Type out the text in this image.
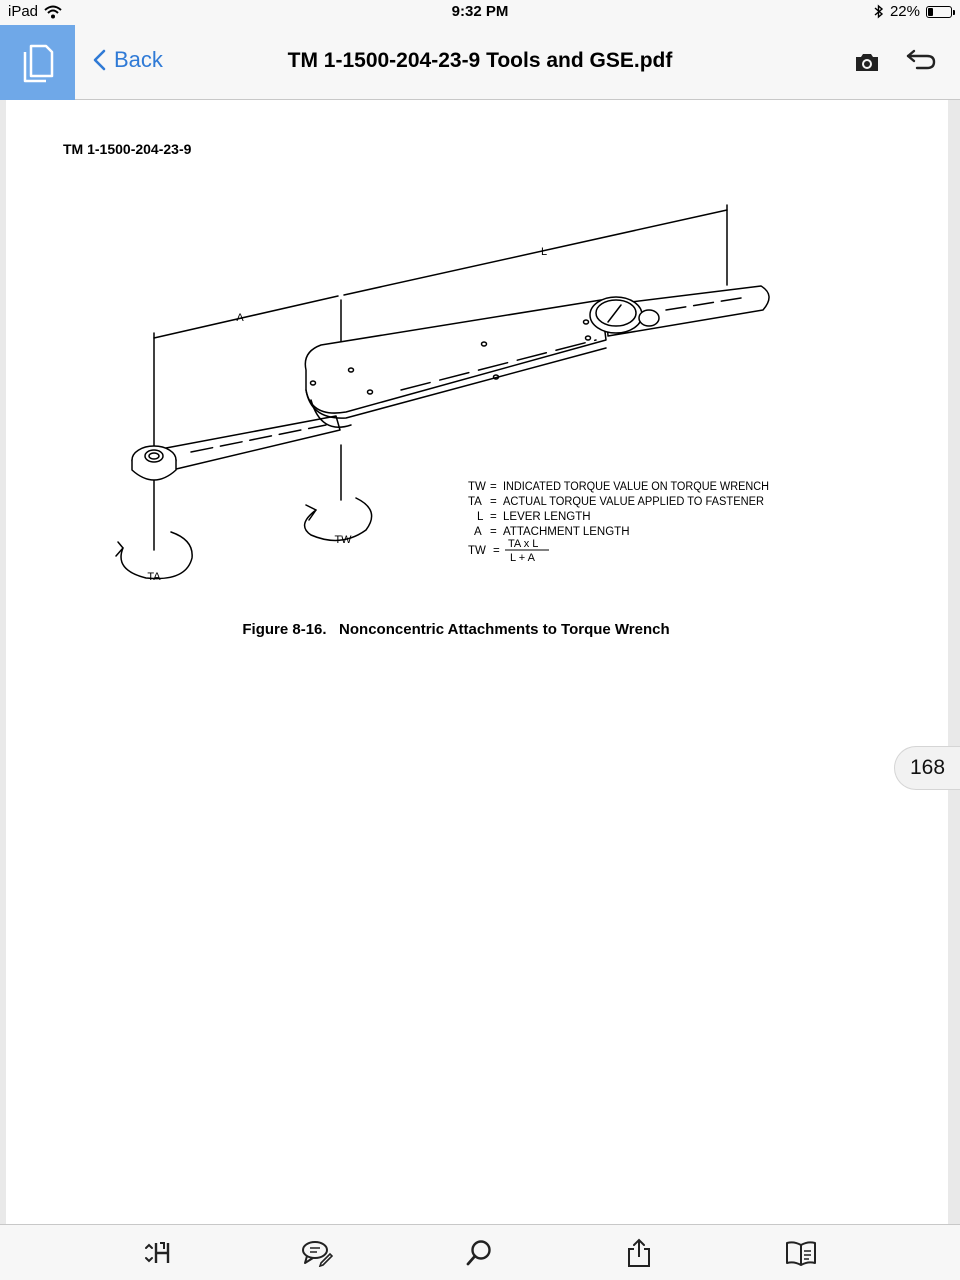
iPad	9:32 PM	22%
Back	TM 1-1500-204-23-9 Tools and GSE.pdf
TM 1-1500-204-23-9
A
L
TW
TA
TW = INDICATED TORQUE VALUE ON TORQUE WRENCH
TA = ACTUAL TORQUE VALUE APPLIED TO FASTENER
L = LEVER LENGTH
A = ATTACHMENT LENGTH
TW =
TA x L
L + A
Figure 8-16.   Nonconcentric Attachments to Torque Wrench
168
